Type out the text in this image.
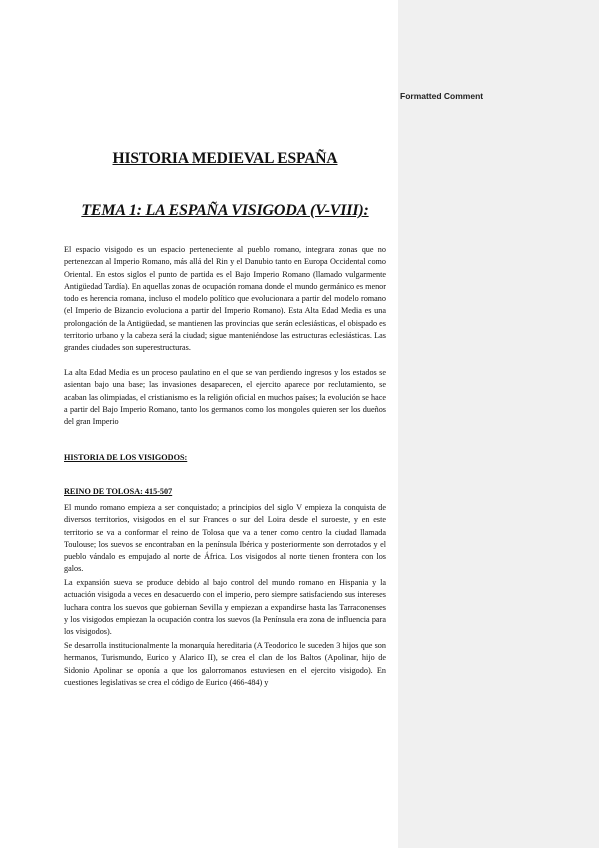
Formatted Comment
HISTORIA MEDIEVAL ESPAÑA
TEMA 1: LA ESPAÑA VISIGODA (V-VIII):

El espacio visigodo es un espacio perteneciente al pueblo romano, integrara zonas que no pertenezcan al Imperio Romano, más allá del Rin y el Danubio tanto en Europa Occidental como Oriental. En estos siglos el punto de partida es el Bajo Imperio Romano (llamado vulgarmente Antigüedad Tardía). En aquellas zonas de ocupación romana donde el mundo germánico es menor todo es herencia romana, incluso el modelo político que evolucionara a partir del modelo romano (el Imperio de Bizancio evoluciona a partir del Imperio Romano). Esta Alta Edad Media es una prolongación de la Antigüedad, se mantienen las provincias que serán eclesiásticas, el obispado es territorio urbano y la cabeza será la ciudad; sigue manteniéndose las estructuras eclesiásticas. Las grandes ciudades son superestructuras.

La alta Edad Media es un proceso paulatino en el que se van perdiendo ingresos y los estados se asientan bajo una base; las invasiones desaparecen, el ejercito aparece por reclutamiento, se acaban las olimpiadas, el cristianismo es la religión oficial en muchos países; la evolución se hace a partir del Bajo Imperio Romano, tanto los germanos como los mongoles quieren ser los dueños del gran Imperio

HISTORIA DE LOS VISIGODOS:
REINO DE TOLOSA: 415-507

El mundo romano empieza a ser conquistado; a principios del siglo V empieza la conquista de diversos territorios, visigodos en el sur Frances o sur del Loira desde el suroeste, y en este territorio se va a conformar el reino de Tolosa que va a tener como centro la ciudad llamada Toulouse; los suevos se encontraban en la península Ibérica y posteriormente son derrotados y el pueblo vándalo es empujado al norte de África. Los visigodos al norte tienen frontera con los galos.

La expansión sueva se produce debido al bajo control del mundo romano en Hispania y la actuación visigoda a veces en desacuerdo con el imperio, pero siempre satisfaciendo sus intereses luchara contra los suevos que gobiernan Sevilla y empiezan a expandirse hasta las Tarraconenses y los visigodos empiezan la ocupación contra los suevos (la Península era zona de influencia para los visigodos).

Se desarrolla institucionalmente la monarquía hereditaria (A Teodorico le suceden 3 hijos que son hermanos, Turismundo, Eurico y Alarico II), se crea el clan de los Baltos (Apolinar, hijo de Sidonio Apolinar se oponía a que los galorromanos estuviesen en el ejercito visigodo). En cuestiones legislativas se crea el código de Eurico (466-484) y
